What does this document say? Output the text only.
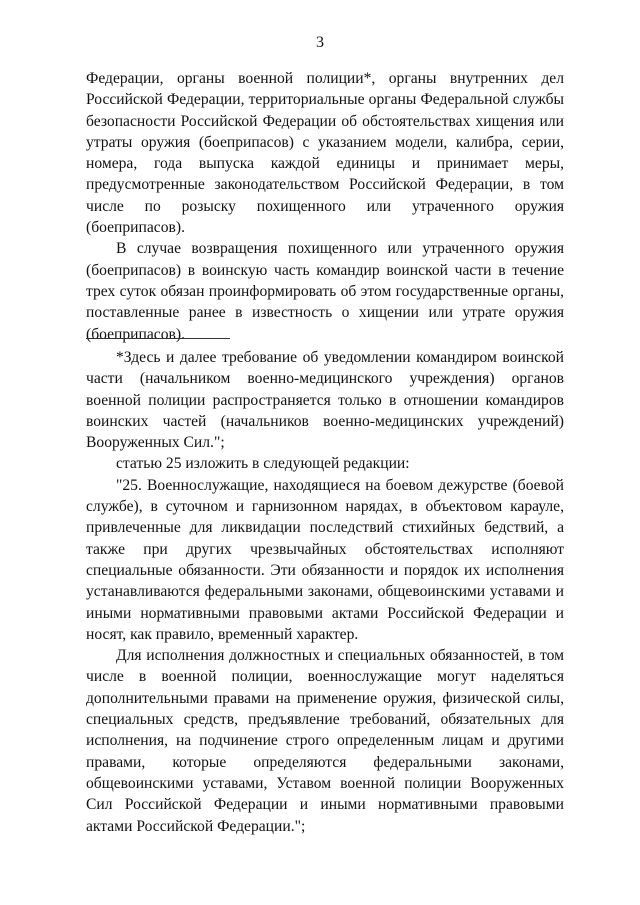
3

Федерации, органы военной полиции*, органы внутренних дел Российской Федерации, территориальные органы Федеральной службы безопасности Российской Федерации об обстоятельствах хищения или утраты оружия (боеприпасов) с указанием модели, калибра, серии, номера, года выпуска каждой единицы и принимает меры, предусмотренные законодательством Российской Федерации, в том числе по розыску похищенного или утраченного оружия (боеприпасов).

В случае возвращения похищенного или утраченного оружия (боеприпасов) в воинскую часть командир воинской части в течение трех суток обязан проинформировать об этом государственные органы, поставленные ранее в известность о хищении или утрате оружия (боеприпасов).

*Здесь и далее требование об уведомлении командиром воинской части (начальником военно-медицинского учреждения) органов военной полиции распространяется только в отношении командиров воинских частей (начальников военно-медицинских учреждений) Вооруженных Сил.";

статью 25 изложить в следующей редакции:

"25. Военнослужащие, находящиеся на боевом дежурстве (боевой службе), в суточном и гарнизонном нарядах, в объектовом карауле, привлеченные для ликвидации последствий стихийных бедствий, а также при других чрезвычайных обстоятельствах исполняют специальные обязанности. Эти обязанности и порядок их исполнения устанавливаются федеральными законами, общевоинскими уставами и иными нормативными правовыми актами Российской Федерации и носят, как правило, временный характер.

Для исполнения должностных и специальных обязанностей, в том числе в военной полиции, военнослужащие могут наделяться дополнительными правами на применение оружия, физической силы, специальных средств, предъявление требований, обязательных для исполнения, на подчинение строго определенным лицам и другими правами, которые определяются федеральными законами, общевоинскими уставами, Уставом военной полиции Вооруженных Сил Российской Федерации и иными нормативными правовыми актами Российской Федерации.";
